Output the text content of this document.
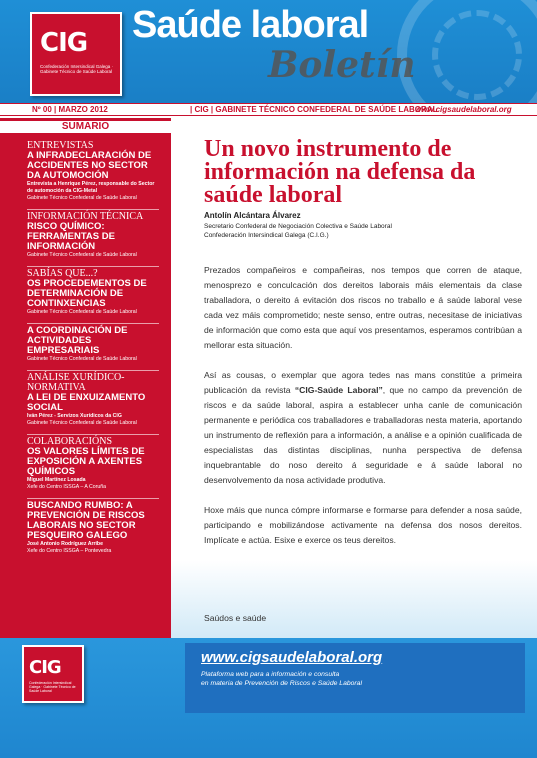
CIG
Confederación Intersindical Galega · Gabinete Técnico de Saúde Laboral
Saúde laboral
Boletín
Nº 00 | MARZO 2012	| CIG | GABINETE TÉCNICO CONFEDERAL DE SAÚDE LABORAL
www.cigsaudelaboral.org
SUMARIO
ENTREVISTAS
A INFRADECLARACIÓN DE ACCIDENTES NO SECTOR DA AUTOMOCIÓN
Entrevista a Henrique Pérez, responsable do Sector de automoción da CIG-Metal
Gabinete Técnico Confederal de Saúde Laboral
INFORMACIÓN TÉCNICA
RISCO QUÍMICO: FERRAMENTAS DE INFORMACIÓN
Gabinete Técnico Confederal de Saúde Laboral
SABÍAS QUE...?
OS PROCEDEMENTOS DE DETERMINACIÓN DE CONTINXENCIAS
Gabinete Técnico Confederal de Saúde Laboral
A COORDINACIÓN DE ACTIVIDADES EMPRESARIAIS
Gabinete Técnico Confederal de Saúde Laboral
ANÁLISE XURÍDICO-NORMATIVA
A LEI DE ENXUIZAMENTO SOCIAL
Iván Pérez - Servizos Xurídicos da CIG
Gabinete Técnico Confederal de Saúde Laboral
COLABORACIÓNS
OS VALORES LÍMITES DE EXPOSICIÓN A AXENTES QUÍMICOS
Miguel Martínez Losada
Xefe do Centro ISSGA – A Coruña
BUSCANDO RUMBO: A PREVENCIÓN DE RISCOS LABORAIS NO SECTOR PESQUEIRO GALEGO
José Antonio Rodríguez Arribe
Xefe do Centro ISSGA – Pontevedra
Un novo instrumento de información na defensa da saúde laboral
Antolín Alcántara Álvarez
Secretario Confederal de Negociación Colectiva e Saúde Laboral
Confederación Intersindical Galega (C.I.G.)

Prezados compañeiros e compañeiras, nos tempos que corren de ataque, menosprezo e conculcación dos dereitos laborais máis elementais da clase traballadora, o dereito á evitación dos riscos no traballo e á saúde laboral vese cada vez máis comprometido; neste senso, entre outras, necesitase de iniciativas de información que como esta que aquí vos presentamos, esperamos contribúan a mellorar esta situación.

Así as cousas, o exemplar que agora tedes nas mans constitúe a primeira publicación da revista “CIG-Saúde Laboral”, que no campo da prevención de riscos e da saúde laboral, aspira a establecer unha canle de comunicación permanente e periódica cos traballadores e traballadoras nesta materia, aportando un instrumento de reflexión para a información, a análise e a opinión cualificada de especialistas das distintas disciplinas, nunha perspectiva de defensa inquebrantable do noso dereito á seguridade e á saúde laboral no desenvolvemento da nosa actividade produtiva.

Hoxe máis que nunca cómpre informarse e formarse para defender a nosa saúde, participando e mobilizándose activamente na defensa dos nosos dereitos. Implícate e actúa. Esixe e exerce os teus dereitos.

Saúdos e saúde
CIG
Confederación Intersindical Galega · Gabinete Técnico de Saúde Laboral
www.cigsaudelaboral.org
Plataforma web para a información e consulta
en materia de Prevención de Riscos e Saúde Laboral
